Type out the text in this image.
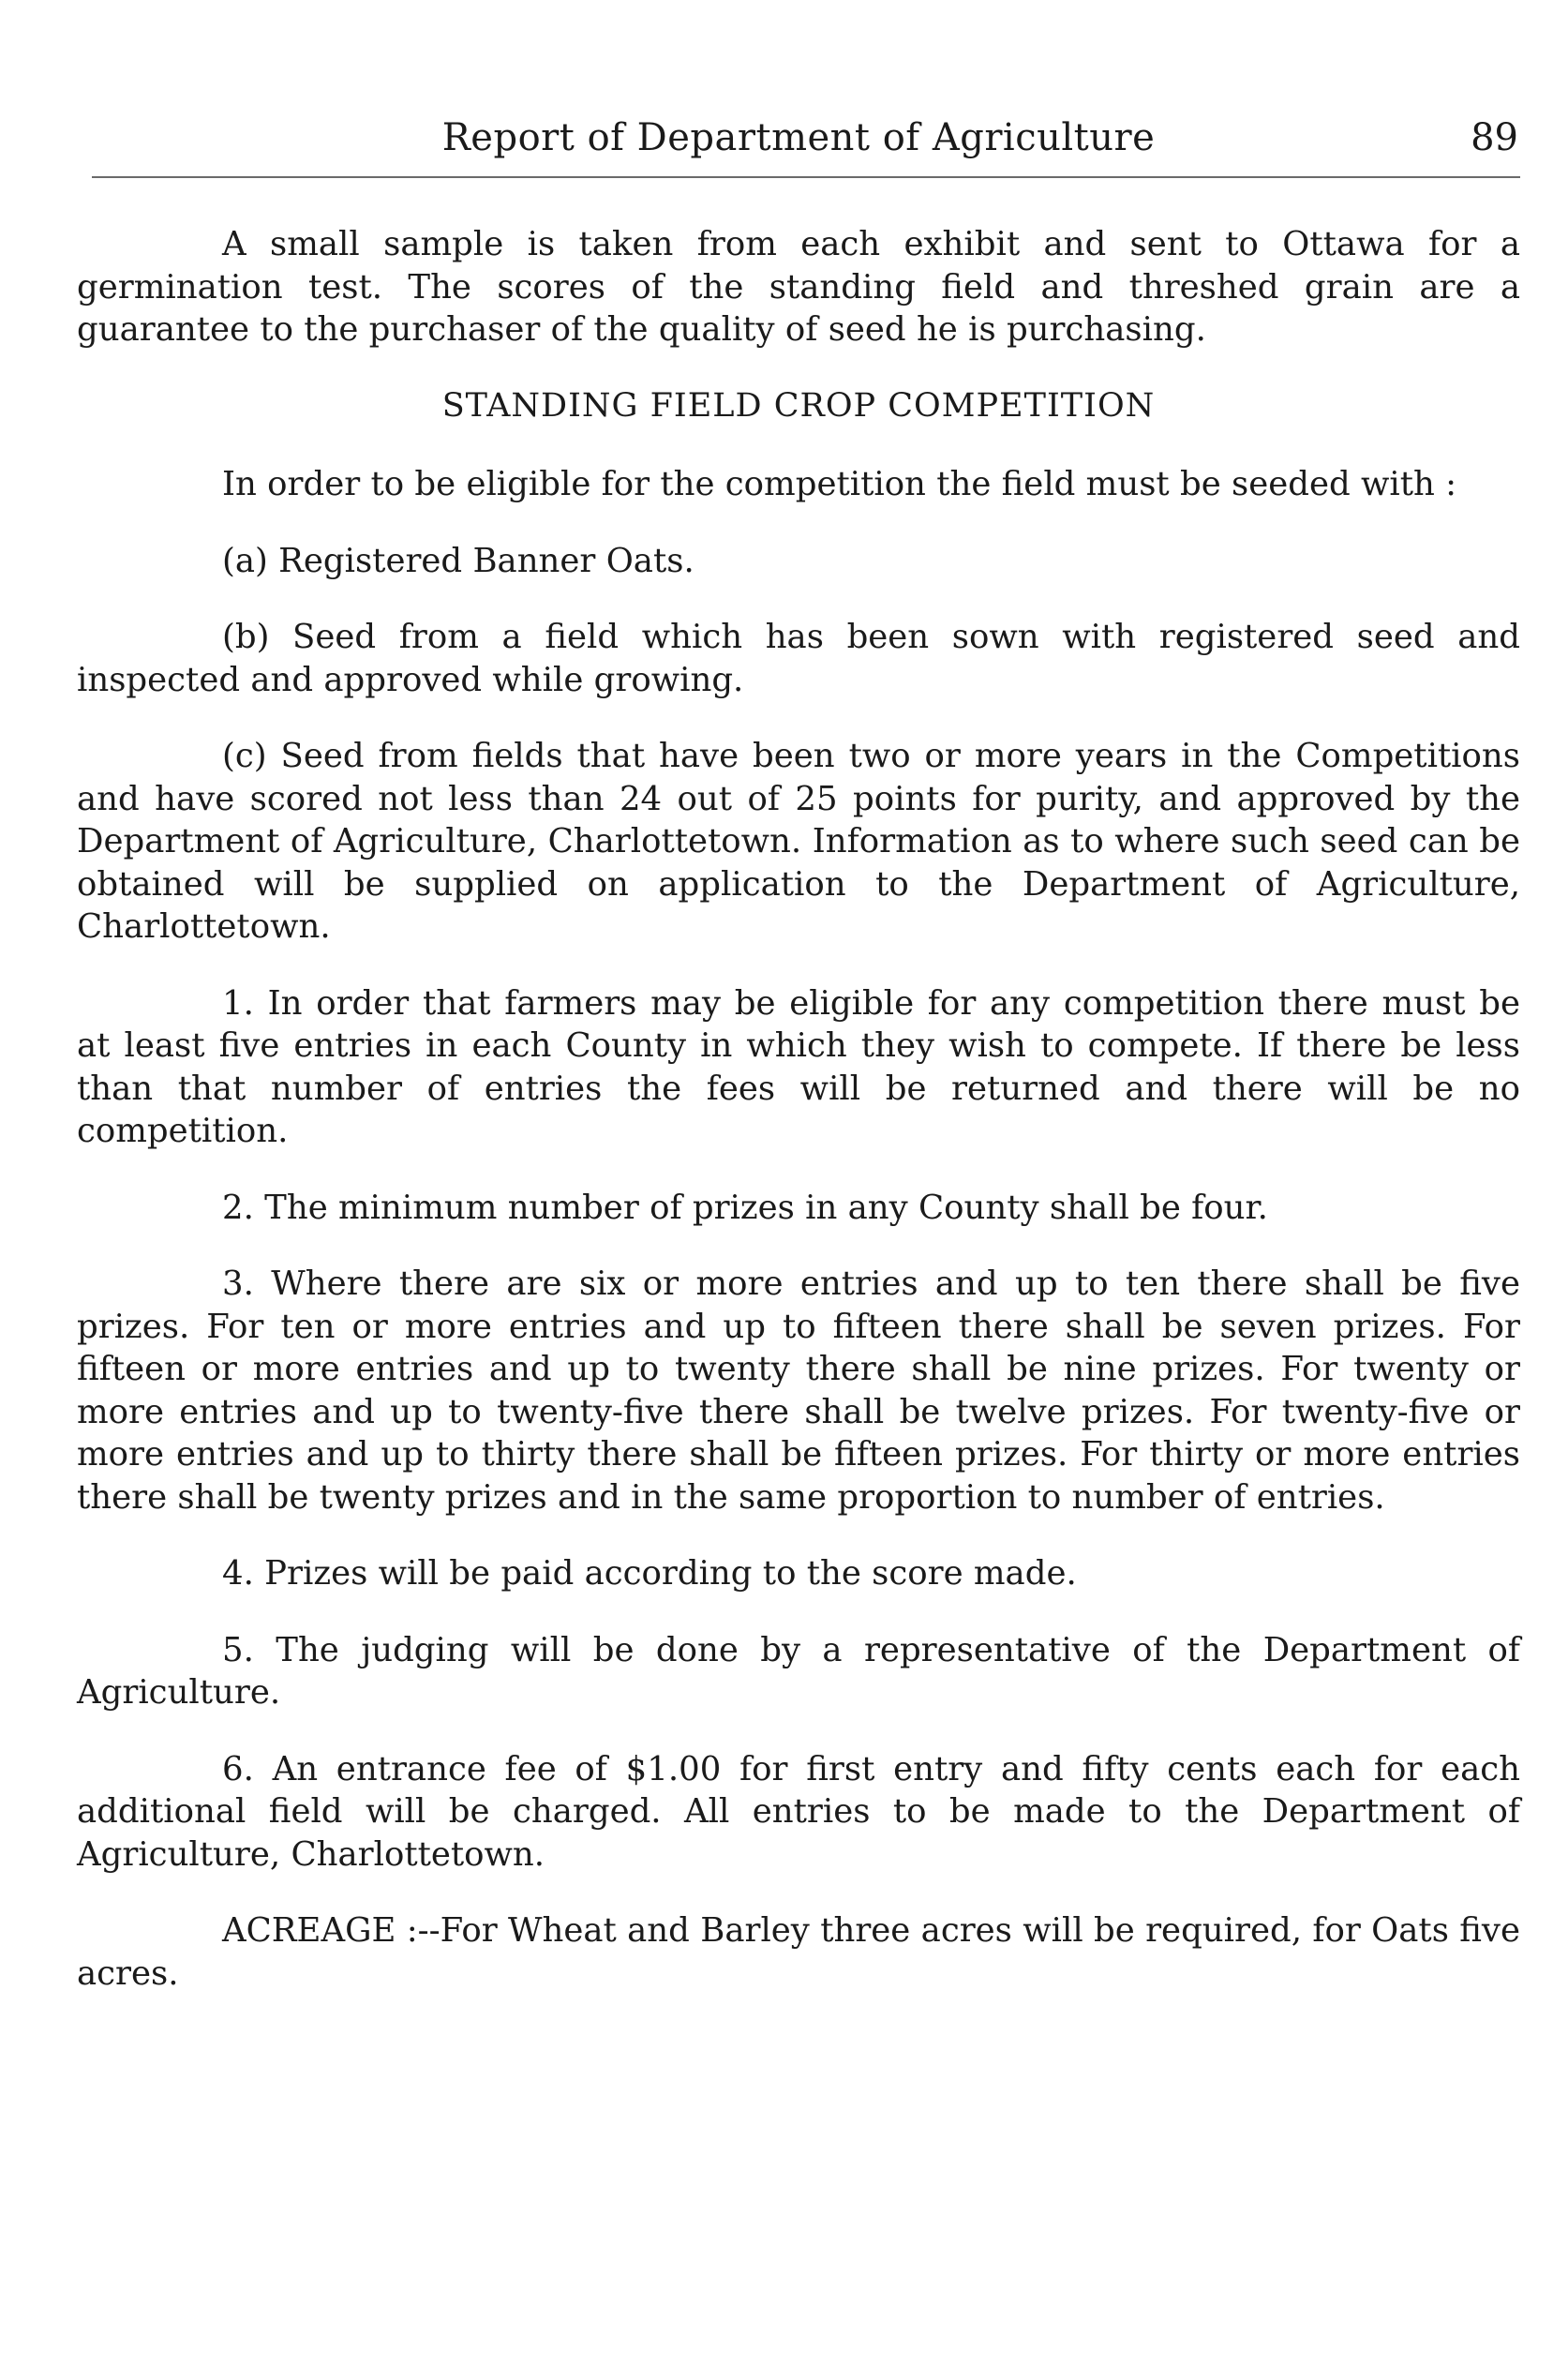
Report of Department of Agriculture	89

A small sample is taken from each exhibit and sent to Ottawa for a germination test. The scores of the standing field and threshed grain are a guarantee to the purchaser of the quality of seed he is purchasing.

STANDING FIELD CROP COMPETITION

In order to be eligible for the competition the field must be seeded with :

(a) Registered Banner Oats.

(b) Seed from a field which has been sown with registered seed and inspected and approved while growing.

(c) Seed from fields that have been two or more years in the Competitions and have scored not less than 24 out of 25 points for purity, and approved by the Department of Agriculture, Charlottetown. Information as to where such seed can be obtained will be supplied on application to the Department of Agriculture, Charlottetown.

1. In order that farmers may be eligible for any competition there must be at least five entries in each County in which they wish to compete. If there be less than that number of entries the fees will be returned and there will be no competition.

2. The minimum number of prizes in any County shall be four.

3. Where there are six or more entries and up to ten there shall be five prizes. For ten or more entries and up to fifteen there shall be seven prizes. For fifteen or more entries and up to twenty there shall be nine prizes. For twenty or more entries and up to twenty-five there shall be twelve prizes. For twenty-five or more entries and up to thirty there shall be fifteen prizes. For thirty or more entries there shall be twenty prizes and in the same proportion to number of entries.

4. Prizes will be paid according to the score made.

5. The judging will be done by a representative of the Department of Agriculture.

6. An entrance fee of $1.00 for first entry and fifty cents each for each additional field will be charged. All entries to be made to the Department of Agriculture, Charlottetown.

ACREAGE :--For Wheat and Barley three acres will be required, for Oats five acres.
